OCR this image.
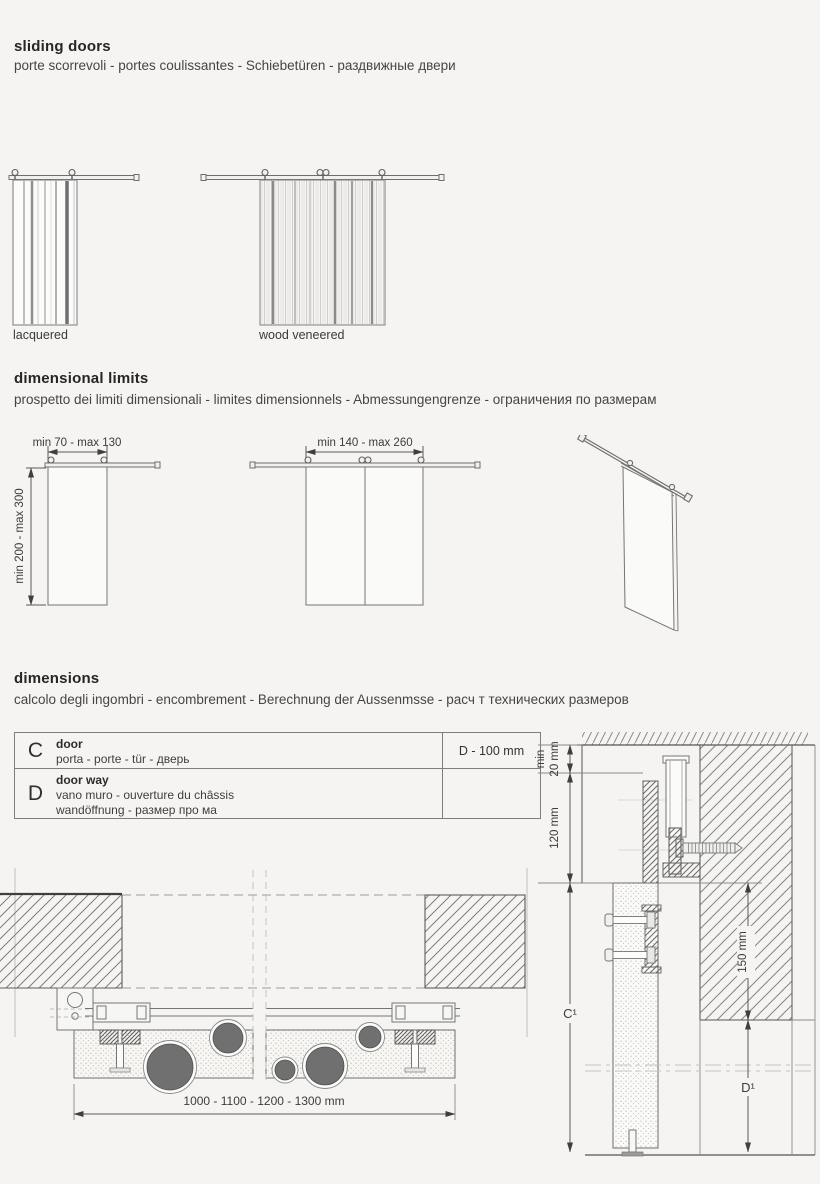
sliding doors
porte scorrevoli - portes coulissantes - Schiebetüren - раздвижные двери
lacquered	wood veneered
dimensional limits
prospetto dei limiti dimensionali - limites dimensionnels - Abmessungengrenze - ограничения по размерам
min 70 - max 130
min 200 - max 300
min 140 - max 260
dimensions
calcolo degli ingombri - encombrement - Berechnung der Aussenmsse - расч т технических размеров
C	door
porta - porte - tür - дверь
D - 100 mm
D
door way
vano muro - ouverture du châssis
wandöffnung - размер про ма
1000 - 1100 - 1200 - 1300 mm
min 20 mm
120 mm
C¹
150 mm
D¹
